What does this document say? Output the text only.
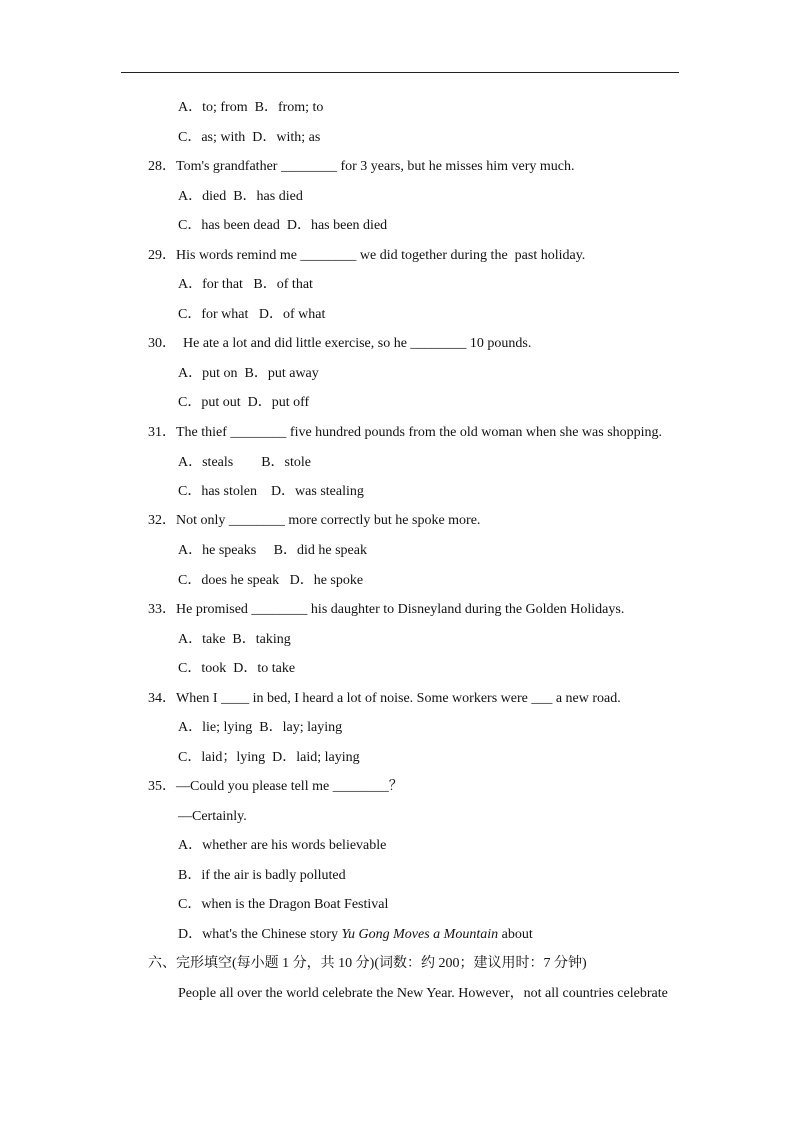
A．to; from  B．from; to
C．as; with  D．with; as
28．Tom's grandfather ________ for 3 years, but he misses him very much.
A．died  B．has died
C．has been dead  D．has been died
29．His words remind me ________ we did together during the  past holiday.
A．for that   B．of that
C．for what   D．of what
30．  He ate a lot and did little exercise, so he ________ 10 pounds.
A．put on  B．put away
C．put out  D．put off
31．The thief ________ five hundred pounds from the old woman when she was shopping.
A．steals        B．stole
C．has stolen    D．was stealing
32．Not only ________ more correctly but he spoke more.
A．he speaks     B．did he speak
C．does he speak   D．he spoke
33．He promised ________ his daughter to Disneyland during the Golden Holidays.
A．take  B．taking
C．took  D．to take
34．When I ____ in bed, I heard a lot of noise. Some workers were ___ a new road.
A．lie; lying  B．lay; laying
C．laid；lying  D．laid; laying
35．—Could you please tell me ________？
—Certainly.
A．whether are his words believable
B．if the air is badly polluted
C．when is the Dragon Boat Festival
D．what's the Chinese story Yu Gong Moves a Mountain about
六、完形填空(每小题 1 分，共 10 分)(词数：约 200；建议用时：7 分钟)
People all over the world celebrate the New Year. However，not all countries celebrate
